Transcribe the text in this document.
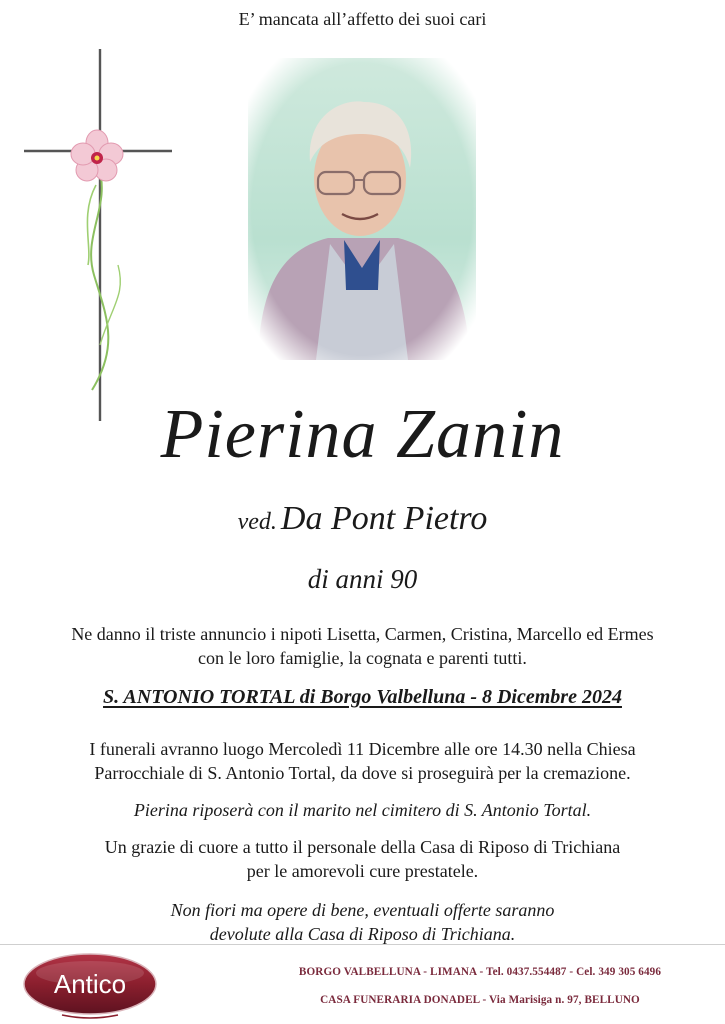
E’ mancata all’affetto dei suoi cari
Pierina Zanin
ved. Da Pont Pietro
di anni 90
Ne danno il triste annuncio i nipoti Lisetta, Carmen, Cristina, Marcello ed Ermes
con le loro famiglie, la cognata e parenti tutti.
S. ANTONIO TORTAL di Borgo Valbelluna - 8 Dicembre 2024
I funerali avranno luogo Mercoledì 11 Dicembre alle ore 14.30 nella Chiesa
Parrocchiale di S. Antonio Tortal, da dove si proseguirà per la cremazione.
Pierina riposerà con il marito nel cimitero di S. Antonio Tortal.
Un grazie di cuore a tutto il personale della Casa di Riposo di Trichiana
per le amorevoli cure prestatele.
Non fiori ma opere di bene, eventuali offerte saranno
devolute alla Casa di Riposo di Trichiana.
Antico	BORGO VALBELLUNA - LIMANA - Tel. 0437.554487 - Cel. 349 305 6496
CASA FUNERARIA DONADEL - Via Marisiga n. 97, BELLUNO
